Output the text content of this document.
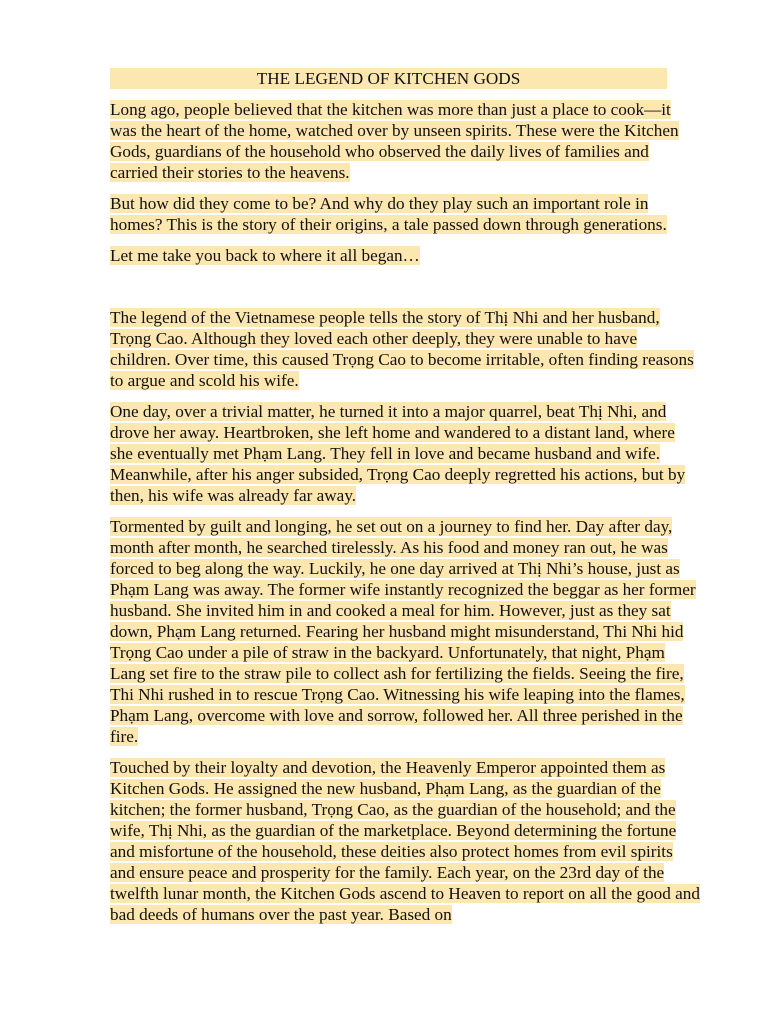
THE LEGEND OF KITCHEN GODS

Long ago, people believed that the kitchen was more than just a place to cook—it was the heart of the home, watched over by unseen spirits. These were the Kitchen Gods, guardians of the household who observed the daily lives of families and carried their stories to the heavens.

But how did they come to be? And why do they play such an important role in homes? This is the story of their origins, a tale passed down through generations.

Let me take you back to where it all began…

The legend of the Vietnamese people tells the story of Thị Nhi and her husband, Trọng Cao. Although they loved each other deeply, they were unable to have children. Over time, this caused Trọng Cao to become irritable, often finding reasons to argue and scold his wife.

One day, over a trivial matter, he turned it into a major quarrel, beat Thị Nhi, and drove her away. Heartbroken, she left home and wandered to a distant land, where she eventually met Phạm Lang. They fell in love and became husband and wife. Meanwhile, after his anger subsided, Trọng Cao deeply regretted his actions, but by then, his wife was already far away.

Tormented by guilt and longing, he set out on a journey to find her. Day after day, month after month, he searched tirelessly. As his food and money ran out, he was forced to beg along the way. Luckily, he one day arrived at Thị Nhi’s house, just as Phạm Lang was away. The former wife instantly recognized the beggar as her former husband. She invited him in and cooked a meal for him. However, just as they sat down, Phạm Lang returned. Fearing her husband might misunderstand, Thi Nhi hid Trọng Cao under a pile of straw in the backyard. Unfortunately, that night, Phạm Lang set fire to the straw pile to collect ash for fertilizing the fields. Seeing the fire, Thi Nhi rushed in to rescue Trọng Cao. Witnessing his wife leaping into the flames, Phạm Lang, overcome with love and sorrow, followed her. All three perished in the fire.

Touched by their loyalty and devotion, the Heavenly Emperor appointed them as Kitchen Gods. He assigned the new husband, Phạm Lang, as the guardian of the kitchen; the former husband, Trọng Cao, as the guardian of the household; and the wife, Thị Nhi, as the guardian of the marketplace. Beyond determining the fortune and misfortune of the household, these deities also protect homes from evil spirits and ensure peace and prosperity for the family. Each year, on the 23rd day of the twelfth lunar month, the Kitchen Gods ascend to Heaven to report on all the good and bad deeds of humans over the past year. Based on
